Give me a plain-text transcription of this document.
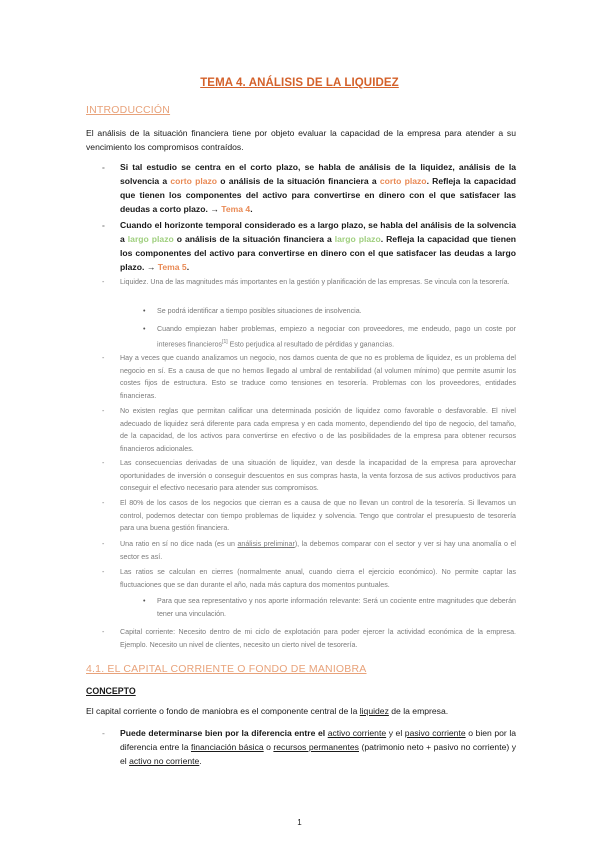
TEMA 4. ANÁLISIS DE LA LIQUIDEZ
INTRODUCCIÓN
El análisis de la situación financiera tiene por objeto evaluar la capacidad de la empresa para atender a su vencimiento los compromisos contraídos.
- Si tal estudio se centra en el corto plazo, se habla de análisis de la liquidez, análisis de la solvencia a corto plazo o análisis de la situación financiera a corto plazo. Refleja la capacidad que tienen los componentes del activo para convertirse en dinero con el que satisfacer las deudas a corto plazo. → Tema 4.
- Cuando el horizonte temporal considerado es a largo plazo, se habla del análisis de la solvencia a largo plazo o análisis de la situación financiera a largo plazo. Refleja la capacidad que tienen los componentes del activo para convertirse en dinero con el que satisfacer las deudas a largo plazo. → Tema 5.
- Liquidez. Una de las magnitudes más importantes en la gestión y planificación de las empresas. Se vincula con la tesorería.
• Se podrá identificar a tiempo posibles situaciones de insolvencia.
• Cuando empiezan haber problemas, empiezo a negociar con proveedores, me endeudo, pago un coste por intereses financieros[1] Esto perjudica al resultado de pérdidas y ganancias.
- Hay a veces que cuando analizamos un negocio, nos damos cuenta de que no es problema de liquidez, es un problema del negocio en sí. Es a causa de que no hemos llegado al umbral de rentabilidad (al volumen mínimo) que permite asumir los costes fijos de estructura. Esto se traduce como tensiones en tesorería. Problemas con los proveedores, entidades financieras.
- No existen reglas que permitan calificar una determinada posición de liquidez como favorable o desfavorable. El nivel adecuado de liquidez será diferente para cada empresa y en cada momento, dependiendo del tipo de negocio, del tamaño, de la capacidad, de los activos para convertirse en efectivo o de las posibilidades de la empresa para obtener recursos financieros adicionales.
- Las consecuencias derivadas de una situación de liquidez, van desde la incapacidad de la empresa para aprovechar oportunidades de inversión o conseguir descuentos en sus compras hasta, la venta forzosa de sus activos productivos para conseguir el efectivo necesario para atender sus compromisos.
- El 80% de los casos de los negocios que cierran es a causa de que no llevan un control de la tesorería. Si llevamos un control, podemos detectar con tiempo problemas de liquidez y solvencia. Tengo que controlar el presupuesto de tesorería para una buena gestión financiera.
- Una ratio en sí no dice nada (es un análisis preliminar), la debemos comparar con el sector y ver si hay una anomalía o el sector es así.
- Las ratios se calculan en cierres (normalmente anual, cuando cierra el ejercicio económico). No permite captar las fluctuaciones que se dan durante el año, nada más captura dos momentos puntuales.
• Para que sea representativo y nos aporte información relevante: Será un cociente entre magnitudes que deberán tener una vinculación.
- Capital corriente: Necesito dentro de mi ciclo de explotación para poder ejercer la actividad económica de la empresa. Ejemplo. Necesito un nivel de clientes, necesito un cierto nivel de tesorería.
4.1. EL CAPITAL CORRIENTE O FONDO DE MANIOBRA
CONCEPTO
El capital corriente o fondo de maniobra es el componente central de la liquidez de la empresa.
- Puede determinarse bien por la diferencia entre el activo corriente y el pasivo corriente o bien por la diferencia entre la financiación básica o recursos permanentes (patrimonio neto + pasivo no corriente) y el activo no corriente.
1
